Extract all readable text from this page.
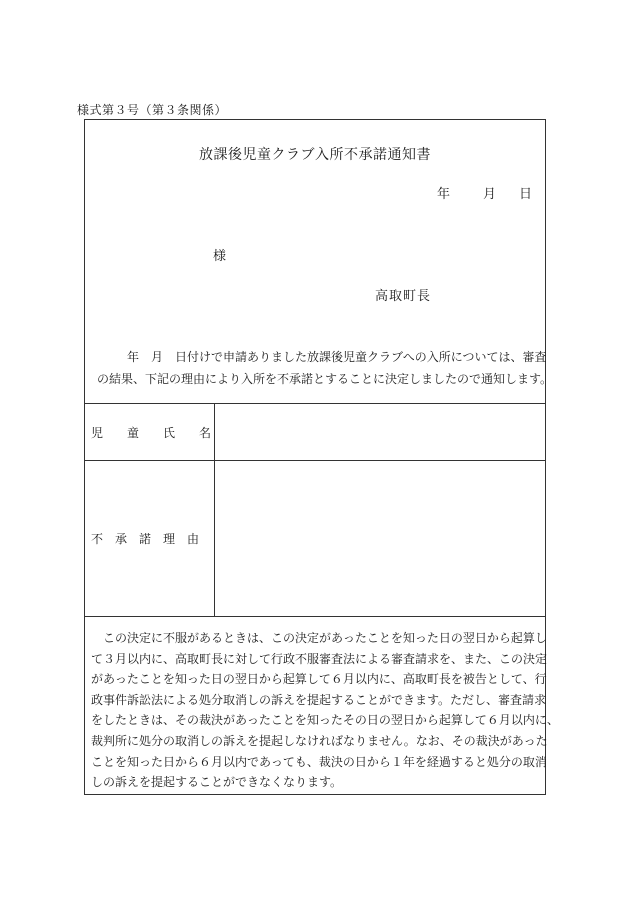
様式第３号（第３条関係）
放課後児童クラブ入所不承諾通知書
年	月 日
様
高取町長
年　月　日付けで申請ありました放課後児童クラブへの入所については、審査
の結果、下記の理由により入所を不承諾とすることに決定しましたので通知します。
児　　童　　氏　　名
不　承　諾　理　由
この決定に不服があるときは、この決定があったことを知った日の翌日から起算し
て３月以内に、高取町長に対して行政不服審査法による審査請求を、また、この決定
があったことを知った日の翌日から起算して６月以内に、高取町長を被告として、行
政事件訴訟法による処分取消しの訴えを提起することができます。ただし、審査請求
をしたときは、その裁決があったことを知ったその日の翌日から起算して６月以内に、
裁判所に処分の取消しの訴えを提起しなければなりません。なお、その裁決があった
ことを知った日から６月以内であっても、裁決の日から１年を経過すると処分の取消
しの訴えを提起することができなくなります。
